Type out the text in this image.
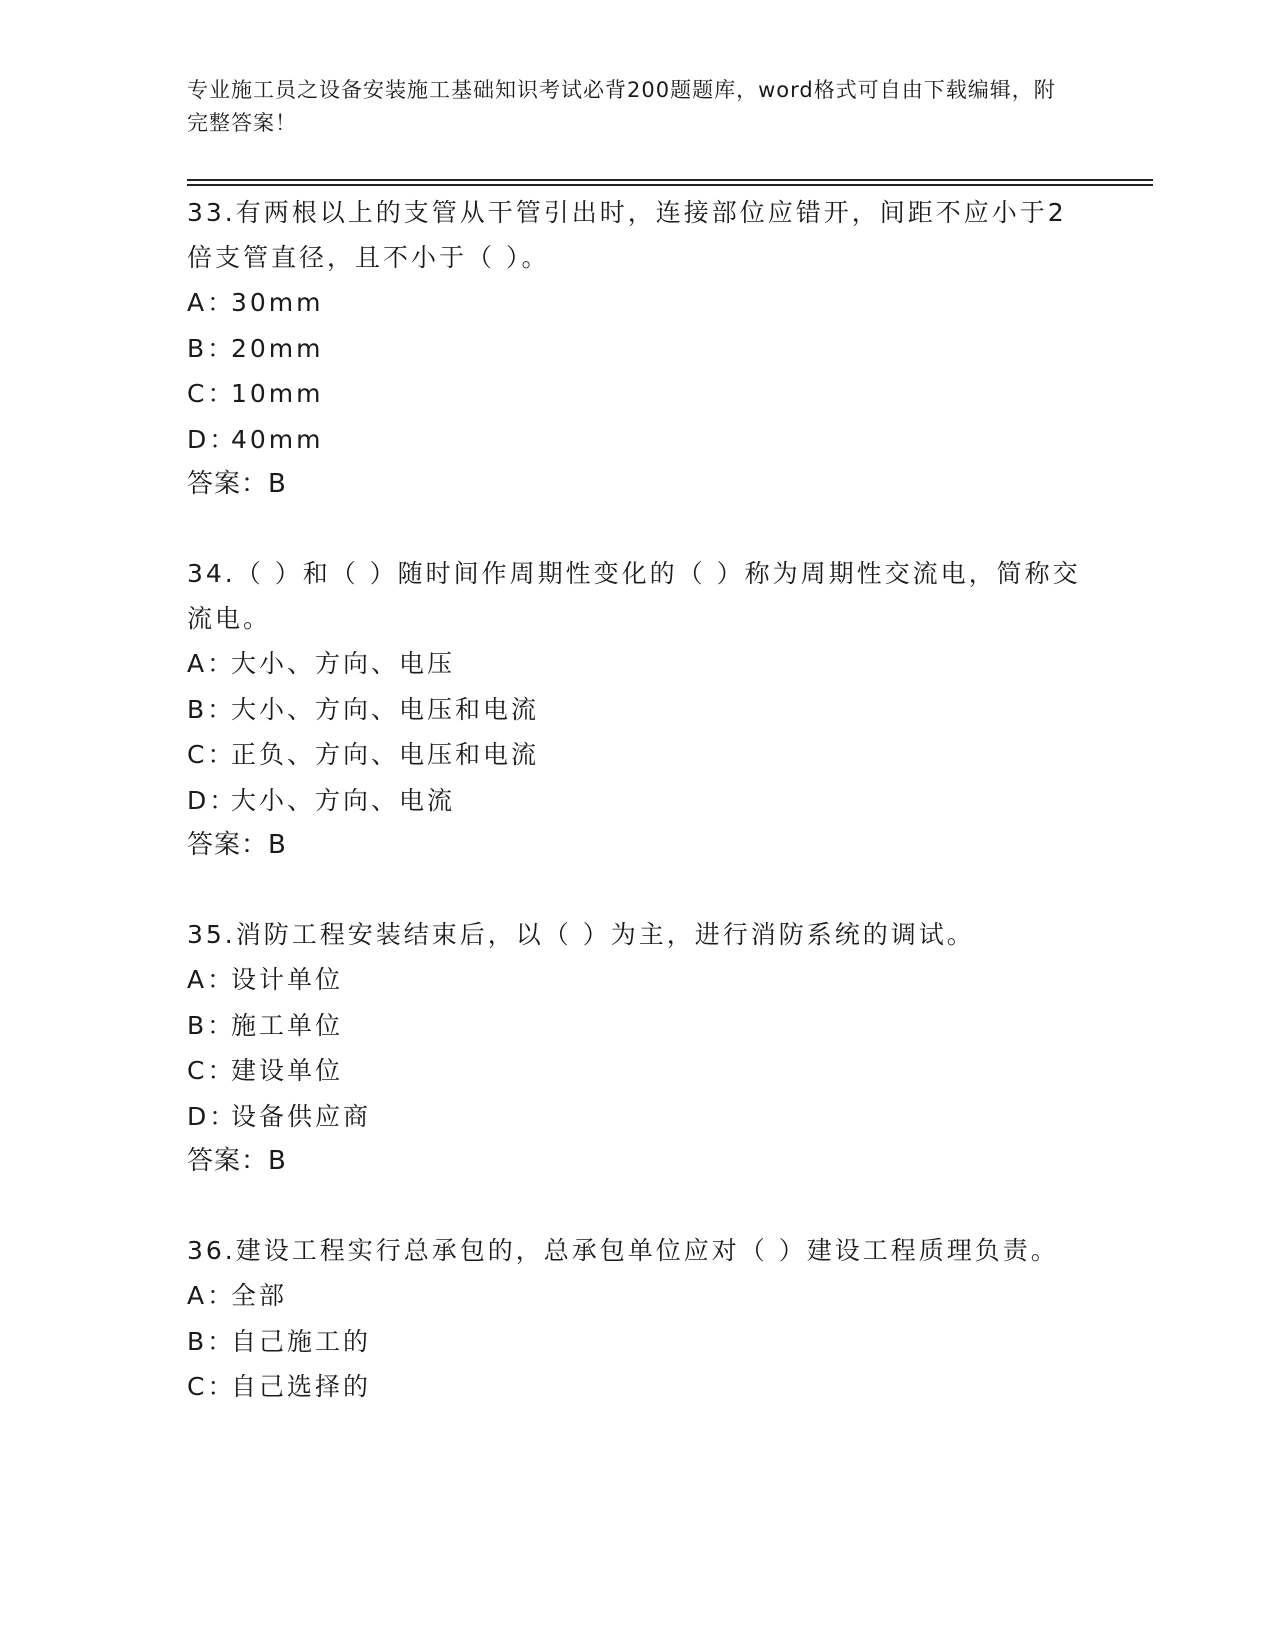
专业施工员之设备安装施工基础知识考试必背200题题库，word格式可自由下载编辑，附完整答案！

33.有两根以上的支管从干管引出时，连接部位应错开，间距不应小于2倍支管直径，且不小于（ ）。

A：30mm
B：20mm
C：10mm
D：40mm
答案：B

34.（ ）和（ ）随时间作周期性变化的（ ）称为周期性交流电，简称交流电。

A：大小、方向、电压
B：大小、方向、电压和电流
C：正负、方向、电压和电流
D：大小、方向、电流
答案：B

35.消防工程安装结束后，以（ ）为主，进行消防系统的调试。

A：设计单位
B：施工单位
C：建设单位
D：设备供应商
答案：B

36.建设工程实行总承包的，总承包单位应对（ ）建设工程质理负责。

A：全部
B：自己施工的
C：自己选择的
